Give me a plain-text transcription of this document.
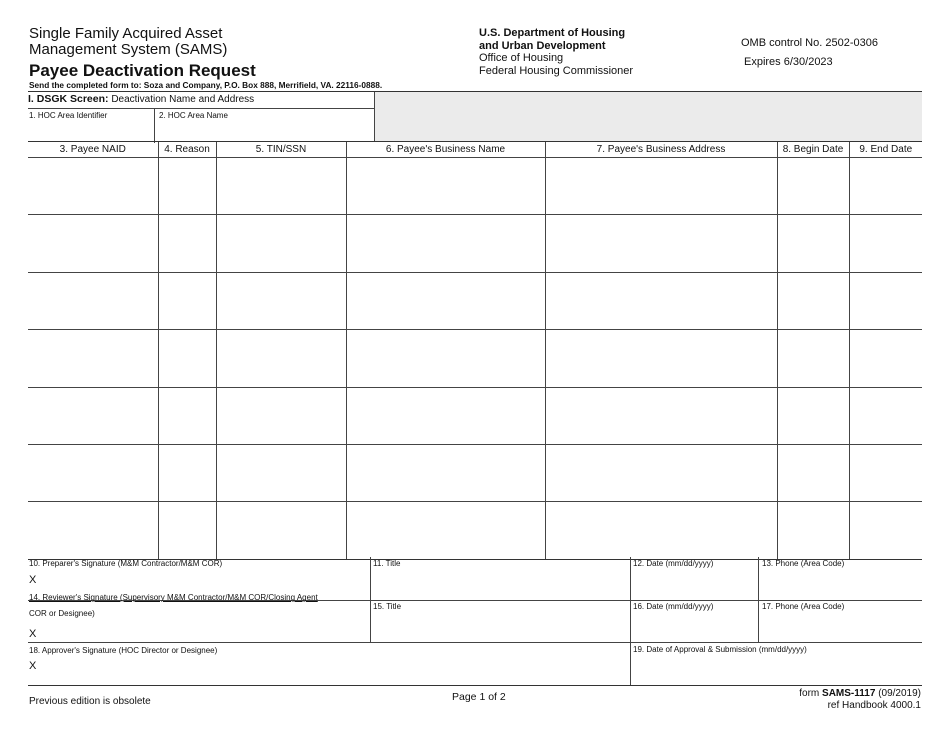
Single Family Acquired Asset
Management System (SAMS)
Payee Deactivation Request
Send the completed form to: Soza and Company, P.O. Box 888, Merrifield, VA. 22116-0888.
U.S. Department of Housing
and Urban Development
Office of Housing
Federal Housing Commissioner
OMB control No. 2502-0306
Expires 6/30/2023
I. DSGK Screen: Deactivation Name and Address
1. HOC Area Identifier	2. HOC Area Name
3. Payee NAID	4. Reason	5. TIN/SSN	6. Payee's Business Name	7. Payee's Business Address	8. Begin Date	9. End Date

10. Preparer's Signature (M&M Contractor/M&M COR)
X
11. Title	12. Date (mm/dd/yyyy)	13. Phone (Area Code)
14. Reviewer's Signature (Supervisory M&M Contractor/M&M COR/Closing Agent
COR or Designee)
X
15. Title	16. Date (mm/dd/yyyy)	17. Phone (Area Code)
18. Approver's Signature (HOC Director or Designee)
X
19. Date of Approval & Submission (mm/dd/yyyy)
Previous edition is obsolete	Page 1 of 2	form SAMS-1117 (09/2019)
ref Handbook 4000.1
